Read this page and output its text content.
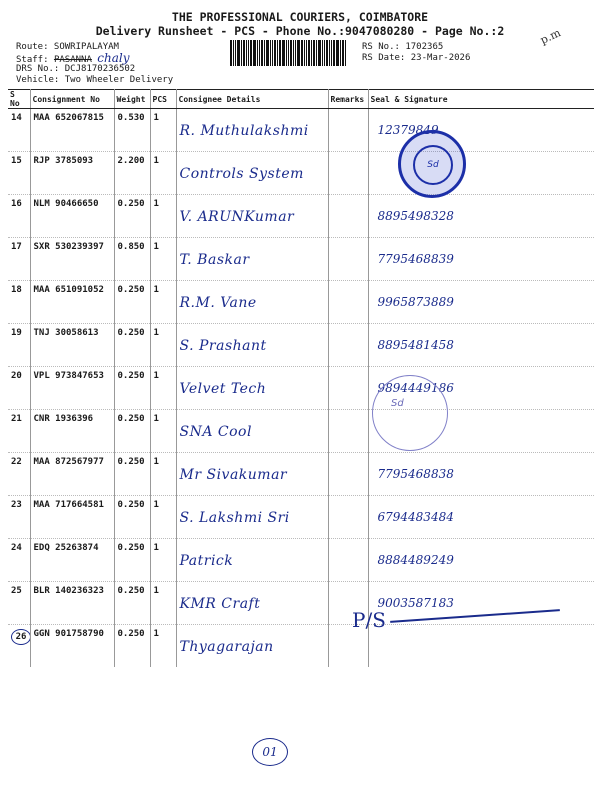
THE PROFESSIONAL COURIERS, COIMBATORE
Delivery Runsheet - PCS - Phone No.:9047080280 - Page No.:2	p.m
Route: SOWRIPALAYAM
Staff: PASANNA chaly
DRS No.: DCJ8170236502
Vehicle: Two Wheeler Delivery
RS No.: 1702365
RS Date: 23-Mar-2026
S No	Consignment No	Weight	PCS	Consignee Details	Remarks	Seal & Signature
14	MAA 652067815	0.530	1	R. Muthulakshmi		12379849

15	RJP 3785093	2.200	1	Controls System		

16	NLM 90466650	0.250	1	V. ARUNKumar		8895498328

17	SXR 530239397	0.850	1	T. Baskar		7795468839

18	MAA 651091052	0.250	1	R.M. Vane		9965873889

19	TNJ 30058613	0.250	1	S. Prashant		8895481458

20	VPL 973847653	0.250	1	Velvet Tech		9894449186

21	CNR 1936396	0.250	1	SNA Cool		

22	MAA 872567977	0.250	1	Mr Sivakumar		7795468838

23	MAA 717664581	0.250	1	S. Lakshmi Sri		6794483484

24	EDQ 25263874	0.250	1	Patrick		8884489249

25	BLR 140236323	0.250	1	KMR Craft		9003587183

26	GGN 901758790	0.250	1	Thyagarajan		

Sd
Sd
P/S
01
